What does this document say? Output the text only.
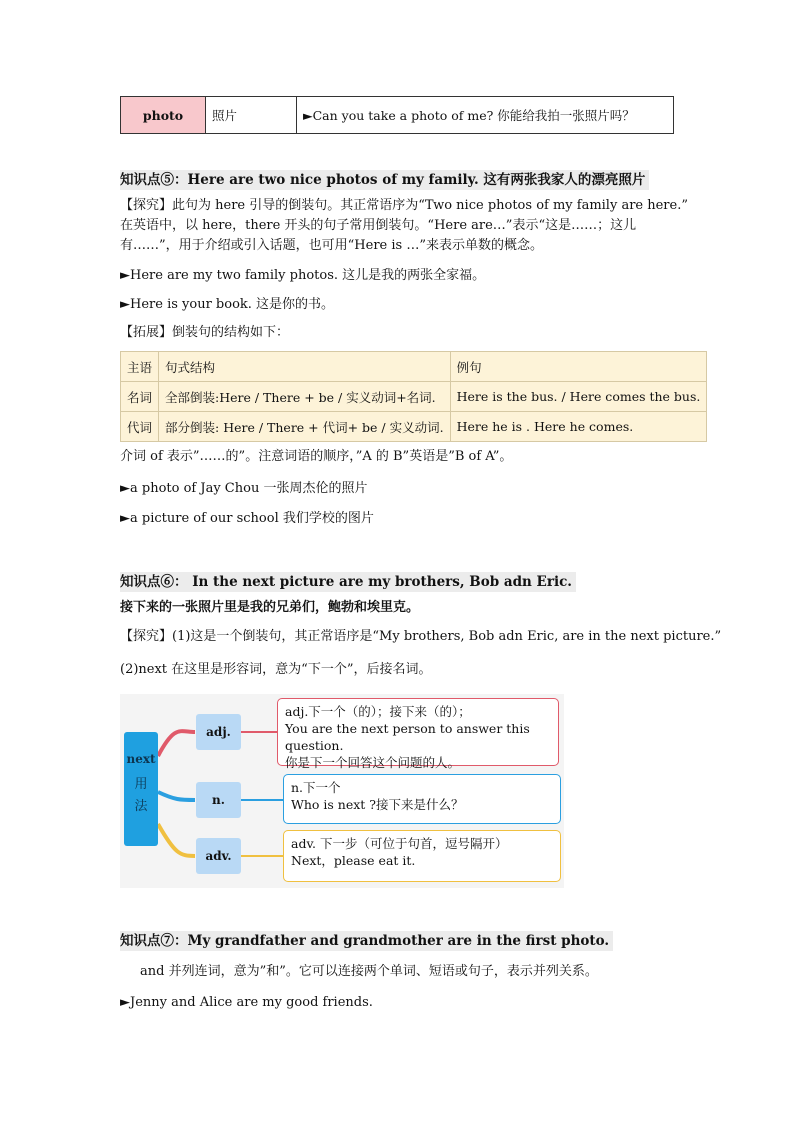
photo	照片	►Can you take a photo of me? 你能给我拍一张照片吗？
知识点⑤：Here are two nice photos of my family. 这有两张我家人的漂亮照片
【探究】此句为 here 引导的倒装句。其正常语序为“Two nice photos of my family are here.”
在英语中，以 here，there 开头的句子常用倒装句。“Here are…”表示“这是……；这儿
有……”，用于介绍或引入话题，也可用“Here is …”来表示单数的概念。
►Here are my two family photos. 这儿是我的两张全家福。
►Here is your book. 这是你的书。
【拓展】倒装句的结构如下：
主语	句式结构	例句
名词	全部倒装:Here / There + be / 实义动词+名词.	Here is the bus. / Here comes the bus.
代词	部分倒装: Here / There + 代词+ be / 实义动词.	Here he is . Here he comes.
介词 of 表示”……的”。注意词语的顺序，”A 的 B”英语是”B of A”。
►a photo of Jay Chou 一张周杰伦的照片
►a picture of our school 我们学校的图片
知识点⑥： In the next picture are my brothers, Bob adn Eric.
接下来的一张照片里是我的兄弟们，鲍勃和埃里克。
【探究】(1)这是一个倒装句，其正常语序是“My brothers, Bob adn Eric, are in the next picture.”
(2)next 在这里是形容词，意为“下一个”，后接名词。
next
用法
adj.
n.
adv.
adj.下一个（的）；接下来（的）；
You are the next person to answer this question.
你是下一个回答这个问题的人。
n.下一个
Who is next ?接下来是什么？
adv. 下一步（可位于句首，逗号隔开）
Next，please eat it.
知识点⑦：My grandfather and grandmother are in the first photo.
and 并列连词，意为”和”。它可以连接两个单词、短语或句子，表示并列关系。
►Jenny and Alice are my good friends.
